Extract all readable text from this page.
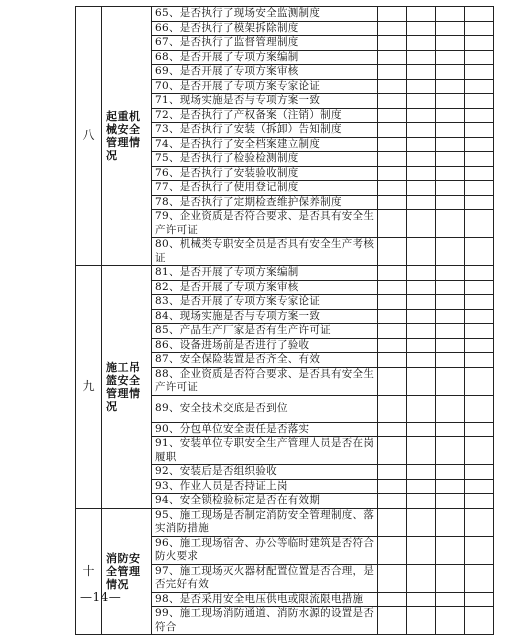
八	起重机械安全管理情况	65、是否执行了现场安全监测制度				
		66、是否执行了模架拆除制度				
		67、是否执行了监督管理制度				
		68、是否开展了专项方案编制				
		69、是否开展了专项方案审核				
		70、是否开展了专项方案专家论证				
		71、现场实施是否与专项方案一致				
		72、是否执行了产权备案（注销）制度				
		73、是否执行了安装（拆卸）告知制度				
		74、是否执行了安全档案建立制度				
		75、是否执行了检验检测制度				
		76、是否执行了安装验收制度				
		77、是否执行了使用登记制度				
		78、是否执行了定期检查维护保养制度				
		79、企业资质是否符合要求、是否具有安全生产许可证				
		80、机械类专职安全员是否具有安全生产考核证				
九	施工吊篮安全管理情况	81、是否开展了专项方案编制				
		82、是否开展了专项方案审核				
		83、是否开展了专项方案专家论证				
		84、现场实施是否与专项方案一致				
		85、产品生产厂家是否有生产许可证				
		86、设备进场前是否进行了验收				
		87、安全保险装置是否齐全、有效				
		88、企业资质是否符合要求、是否具有安全生产许可证				
		89、安全技术交底是否到位				
		90、分包单位安全责任是否落实				
		91、安装单位专职安全生产管理人员是否在岗履职				
		92、安装后是否组织验收				
		93、作业人员是否持证上岗				
		94、安全锁检验标定是否在有效期				
十	消防安全管理情况	95、施工现场是否制定消防安全管理制度、落实消防措施				
		96、施工现场宿舍、办公等临时建筑是否符合防火要求				
		97、施工现场灭火器材配置位置是否合理，是否完好有效				
		98、是否采用安全电压供电或限流限电措施				
		99、施工现场消防通道、消防水源的设置是否符合				
—14—
